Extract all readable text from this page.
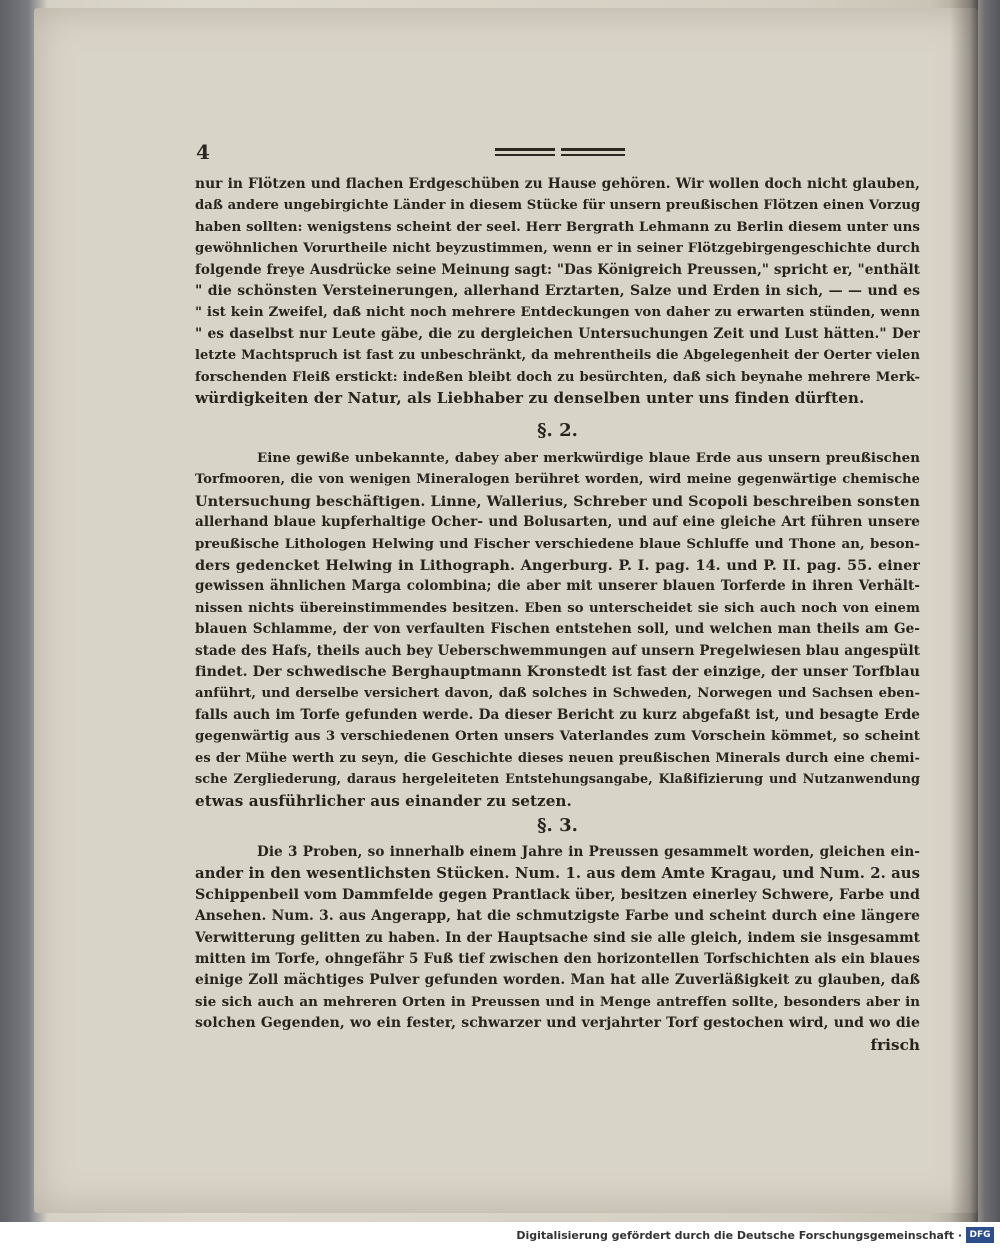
4
nur in Flötzen und flachen Erdgeschüben zu Hause gehören. Wir wollen doch nicht glauben,
daß andere ungebirgichte Länder in diesem Stücke für unsern preußischen Flötzen einen Vorzug
haben sollten: wenigstens scheint der seel. Herr Bergrath Lehmann zu Berlin diesem unter uns
gewöhnlichen Vorurtheile nicht beyzustimmen, wenn er in seiner Flötzgebirgengeschichte durch
folgende freye Ausdrücke seine Meinung sagt: "Das Königreich Preussen," spricht er, "enthält
" die schönsten Versteinerungen, allerhand Erztarten, Salze und Erden in sich, — — und es
" ist kein Zweifel, daß nicht noch mehrere Entdeckungen von daher zu erwarten stünden, wenn
" es daselbst nur Leute gäbe, die zu dergleichen Untersuchungen Zeit und Lust hätten." Der
letzte Machtspruch ist fast zu unbeschränkt, da mehrentheils die Abgelegenheit der Oerter vielen
forschenden Fleiß erstickt: indeßen bleibt doch zu besürchten, daß sich beynahe mehrere Merk-
würdigkeiten der Natur, als Liebhaber zu denselben unter uns finden dürften.
§. 2.
Eine gewiße unbekannte, dabey aber merkwürdige blaue Erde aus unsern preußischen
Torfmooren, die von wenigen Mineralogen berühret worden, wird meine gegenwärtige chemische
Untersuchung beschäftigen. Linne, Wallerius, Schreber und Scopoli beschreiben sonsten
allerhand blaue kupferhaltige Ocher- und Bolusarten, und auf eine gleiche Art führen unsere
preußische Lithologen Helwing und Fischer verschiedene blaue Schluffe und Thone an, beson-
ders gedencket Helwing in Lithograph. Angerburg. P. I. pag. 14. und P. II. pag. 55. einer
gewissen ähnlichen Marga colombina; die aber mit unserer blauen Torferde in ihren Verhält-
nissen nichts übereinstimmendes besitzen. Eben so unterscheidet sie sich auch noch von einem
blauen Schlamme, der von verfaulten Fischen entstehen soll, und welchen man theils am Ge-
stade des Hafs, theils auch bey Ueberschwemmungen auf unsern Pregelwiesen blau angespült
findet. Der schwedische Berghauptmann Kronstedt ist fast der einzige, der unser Torfblau
anführt, und derselbe versichert davon, daß solches in Schweden, Norwegen und Sachsen eben-
falls auch im Torfe gefunden werde. Da dieser Bericht zu kurz abgefaßt ist, und besagte Erde
gegenwärtig aus 3 verschiedenen Orten unsers Vaterlandes zum Vorschein kömmet, so scheint
es der Mühe werth zu seyn, die Geschichte dieses neuen preußischen Minerals durch eine chemi-
sche Zergliederung, daraus hergeleiteten Entstehungsangabe, Klaßifizierung und Nutzanwendung
etwas ausführlicher aus einander zu setzen.
§. 3.
Die 3 Proben, so innerhalb einem Jahre in Preussen gesammelt worden, gleichen ein-
ander in den wesentlichsten Stücken. Num. 1. aus dem Amte Kragau, und Num. 2. aus
Schippenbeil vom Dammfelde gegen Prantlack über, besitzen einerley Schwere, Farbe und
Ansehen. Num. 3. aus Angerapp, hat die schmutzigste Farbe und scheint durch eine längere
Verwitterung gelitten zu haben. In der Hauptsache sind sie alle gleich, indem sie insgesammt
mitten im Torfe, ohngefähr 5 Fuß tief zwischen den horizontellen Torfschichten als ein blaues
einige Zoll mächtiges Pulver gefunden worden. Man hat alle Zuverläßigkeit zu glauben, daß
sie sich auch an mehreren Orten in Preussen und in Menge antreffen sollte, besonders aber in
solchen Gegenden, wo ein fester, schwarzer und verjahrter Torf gestochen wird, und wo die
frisch
Digitalisierung gefördert durch die Deutsche Forschungsgemeinschaft · DFG
